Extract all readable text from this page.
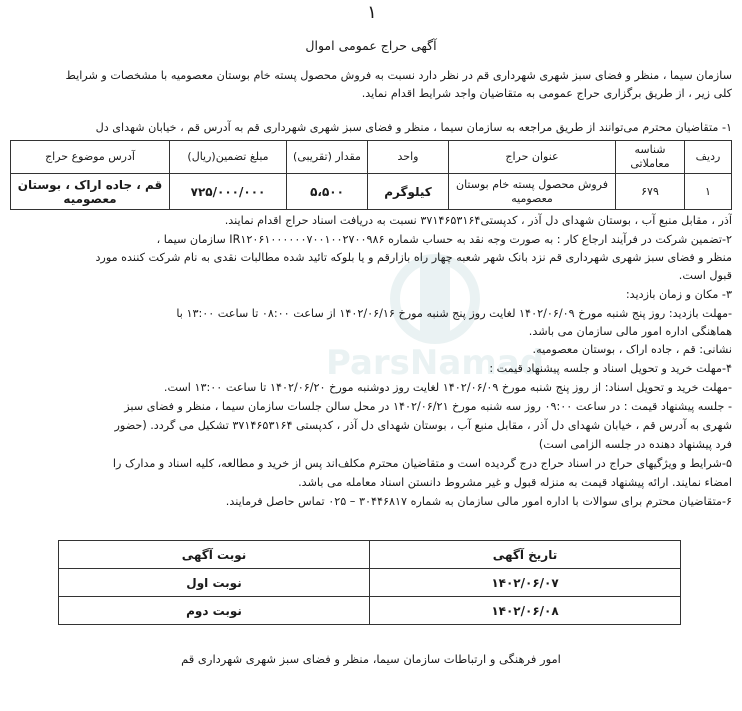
ParsNamad
١
آگهی حراج عمومی اموال
سازمان سیما ، منظر و فضای سبز شهری شهرداری قم در نظر دارد نسبت به فروش محصول پسته خام بوستان معصومیه با مشخصات و شرایط
کلی زیر ، از طریق برگزاری حراج عمومی به متقاضیان واجد شرایط اقدام نماید.
۱- متقاضیان محترم می‌توانند از طریق مراجعه به سازمان سیما ، منظر و فضای سبز شهری شهرداری قم به آدرس قم ، خیابان شهدای دل
ردیف	شناسه معاملاتی	عنوان حراج	واحد	مقدار (تقریبی)	مبلغ تضمین(ریال)	آدرس موضوع حراج
۱	۶۷۹	فروش محصول پسته خام بوستان معصومیه	کیلوگرم	۵،۵۰۰	۷۲۵/۰۰۰/۰۰۰	قم ، جاده اراک ، بوستان معصومیه
آذر ، مقابل منبع آب ، بوستان شهدای دل آذر ، کدپستی۳۷۱۴۶۵۳۱۶۴ نسبت به دریافت اسناد حراج اقدام نمایند.
۲-تضمین شرکت در فرآیند ارجاع کار : به صورت وجه نقد به حساب شماره IR۱۲۰۶۱۰۰۰۰۰۰۷۰۰۱۰۰۲۷۰۰۹۸۶ سازمان سیما ،
منظر و فضای سبز شهری شهرداری قم نزد بانک شهر شعبه چهار راه بازارقم و یا بلوکه تائید شده مطالبات نقدی به نام شرکت کننده مورد
قبول است.
۳- مکان و زمان بازدید:
-مهلت بازدید: روز پنج شنبه مورخ ۱۴۰۲/۰۶/۰۹ لغایت روز پنج شنبه مورخ ۱۴۰۲/۰۶/۱۶ از ساعت ۰۸:۰۰ تا ساعت ۱۳:۰۰ با
هماهنگی اداره امور مالی سازمان می باشد.
نشانی: قم ، جاده اراک ، بوستان معصومیه.
۴-مهلت خرید و تحویل اسناد و جلسه پیشنهاد قیمت :
-مهلت خرید و تحویل اسناد: از روز پنج شنبه مورخ ۱۴۰۲/۰۶/۰۹ لغایت روز دوشنبه مورخ ۱۴۰۲/۰۶/۲۰ تا ساعت ۱۳:۰۰ است.
- جلسه پیشنهاد قیمت : در ساعت ۰۹:۰۰ روز سه شنبه مورخ ۱۴۰۲/۰۶/۲۱ در محل سالن جلسات سازمان سیما ، منظر و فضای سبز
شهری به آدرس قم ، خیابان شهدای دل آذر ، مقابل منبع آب ، بوستان شهدای دل آذر ، کدپستی ۳۷۱۴۶۵۳۱۶۴ تشکیل می گردد. (حضور
فرد پیشنهاد دهنده در جلسه الزامی است)
۵-شرایط و ویژگیهای حراج در اسناد حراج درج گردیده است و متقاضیان محترم مکلف‌اند پس از خرید و مطالعه، کلیه اسناد و مدارک را
امضاء نمایند. ارائه پیشنهاد قیمت به منزله قبول و غیر مشروط دانستن اسناد معامله می باشد.
۶-متقاضیان محترم برای سوالات با اداره امور مالی سازمان به شماره ۳۰۴۴۶۸۱۷ – ۰۲۵ تماس حاصل فرمایند.
تاریخ آگهی	نوبت آگهی
۱۴۰۲/۰۶/۰۷	نوبت اول
۱۴۰۲/۰۶/۰۸	نوبت دوم
امور فرهنگی و ارتباطات سازمان سیما، منظر و فضای سبز شهری شهرداری قم
